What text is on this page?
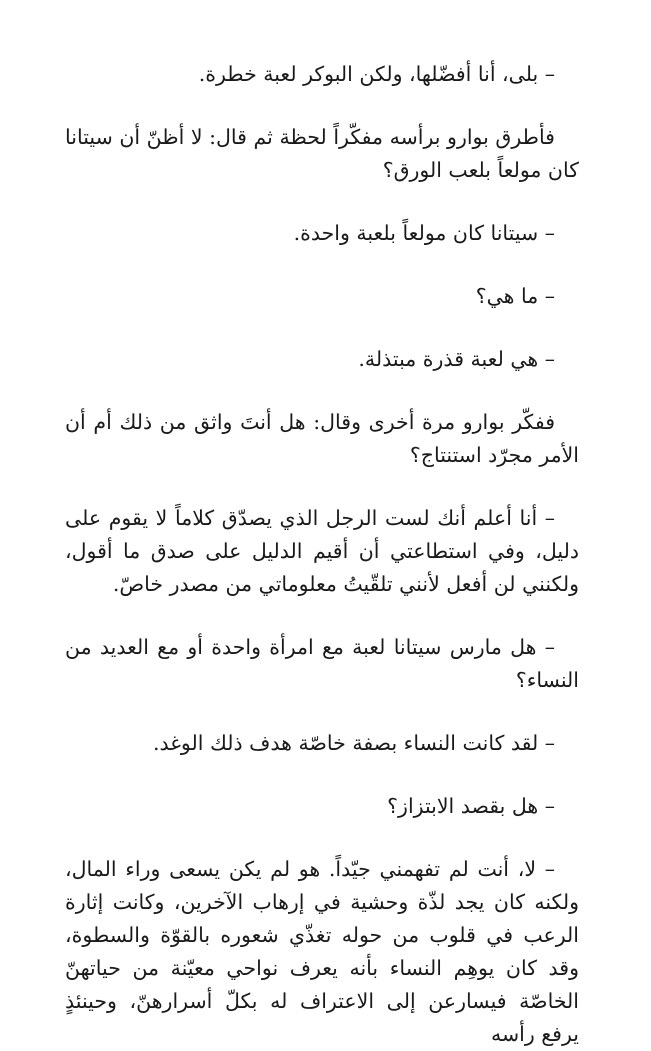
– بلى، أنا أفضّلها، ولكن البوكر لعبة خطرة.

فأطرق بوارو برأسه مفكّراً لحظة ثم قال: لا أظنّ أن سيتانا كان مولعاً بلعب الورق؟

– سيتانا كان مولعاً بلعبة واحدة.

– ما هي؟

– هي لعبة قذرة مبتذلة.

ففكّر بوارو مرة أخرى وقال: هل أنتَ واثق من ذلك أم أن الأمر مجرّد استنتاج؟

– أنا أعلم أنك لست الرجل الذي يصدّق كلاماً لا يقوم على دليل، وفي استطاعتي أن أقيم الدليل على صدق ما أقول، ولكنني لن أفعل لأنني تلقّيتُ معلوماتي من مصدر خاصّ.

– هل مارس سيتانا لعبة مع امرأة واحدة أو مع العديد من النساء؟

– لقد كانت النساء بصفة خاصّة هدف ذلك الوغد.

– هل بقصد الابتزاز؟

– لا، أنت لم تفهمني جيّداً. هو لم يكن يسعى وراء المال، ولكنه كان يجد لذّة وحشية في إرهاب الآخرين، وكانت إثارة الرعب في قلوب من حوله تغذّي شعوره بالقوّة والسطوة، وقد كان يوهِم النساء بأنه يعرف نواحي معيّنة من حياتهنّ الخاصّة فيسارعن إلى الاعتراف له بكلّ أسرارهنّ، وحينئذٍ يرفع رأسه
